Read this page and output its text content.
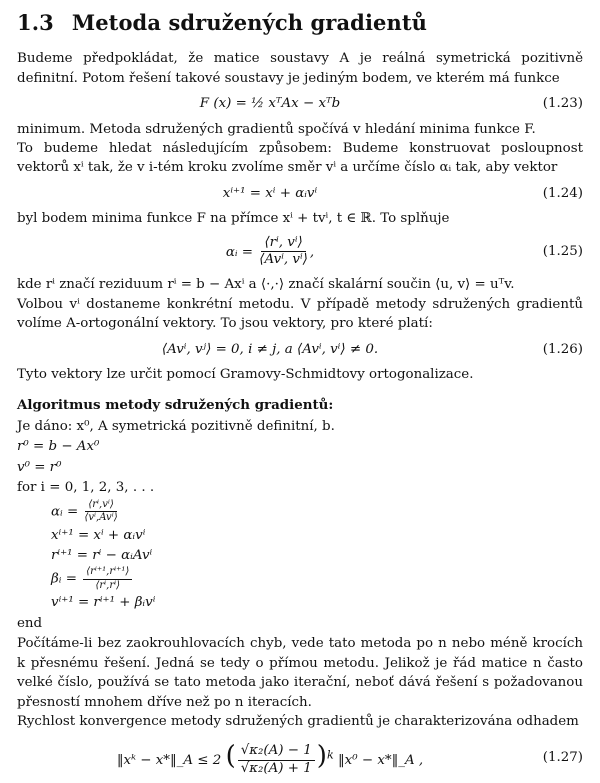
1.3 Metoda sdružených gradientů

Budeme předpokládat, že matice soustavy A je reálná symetrická pozitivně definitní. Potom řešení takové soustavy je jediným bodem, ve kterém má funkce

F (x) = ½ xᵀAx − xᵀb	(1.23)

minimum. Metoda sdružených gradientů spočívá v hledání minima funkce F.

To budeme hledat následujícím způsobem: Budeme konstruovat posloupnost vektorů xⁱ tak, že v i-tém kroku zvolíme směr vⁱ a určíme číslo αᵢ tak, aby vektor

xⁱ⁺¹ = xⁱ + αᵢvⁱ	(1.24)

byl bodem minima funkce F na přímce xⁱ + tvⁱ, t ∈ ℝ. To splňuje

αᵢ = $\frac{\text{⟨rⁱ, vⁱ⟩}}{\text{⟨Avⁱ, vⁱ⟩}}$ ,	(1.25)

kde rⁱ značí reziduum rⁱ = b − Axⁱ a ⟨·,·⟩ značí skalární součin ⟨u, v⟩ = uᵀv.

Volbou vⁱ dostaneme konkrétní metodu. V případě metody sdružených gradientů volíme A-ortogonální vektory. To jsou vektory, pro které platí:

⟨Avⁱ, vʲ⟩ = 0, i ≠ j, a ⟨Avⁱ, vⁱ⟩ ≠ 0.	(1.26)

Tyto vektory lze určit pomocí Gramovy-Schmidtovy ortogonalizace.

Algoritmus metody sdružených gradientů:
Je dáno: x⁰, A symetrická pozitivně definitní, b.
r⁰ = b − Ax⁰
v⁰ = r⁰
for i = 0, 1, 2, 3, . . .
αᵢ = $\frac{\text{⟨rⁱ,vⁱ⟩}}{\text{⟨vⁱ,Avⁱ⟩}}$
xⁱ⁺¹ = xⁱ + αᵢvⁱ
rⁱ⁺¹ = rⁱ − αᵢAvⁱ
βᵢ = $\frac{\text{⟨rⁱ⁺¹,rⁱ⁺¹⟩}}{\text{⟨rⁱ,rⁱ⟩}}$
vⁱ⁺¹ = rⁱ⁺¹ + βᵢvⁱ
end

Počítáme-li bez zaokrouhlovacích chyb, vede tato metoda po n nebo méně krocích k přesnému řešení. Jedná se tedy o přímou metodu. Jelikož je řád matice n často velké číslo, používá se tato metoda jako iterační, neboť dává řešení s požadovanou přesností mnohem dříve než po n iteracích.

Rychlost konvergence metody sdružených gradientů je charakterizována odhadem

‖xᵏ − x*‖_A ≤ 2 ( $\frac{\text{√κ₂(A) − 1}}{\text{√κ₂(A) + 1}} )^k$ ‖x⁰ − x*‖_A ,	(1.27)
